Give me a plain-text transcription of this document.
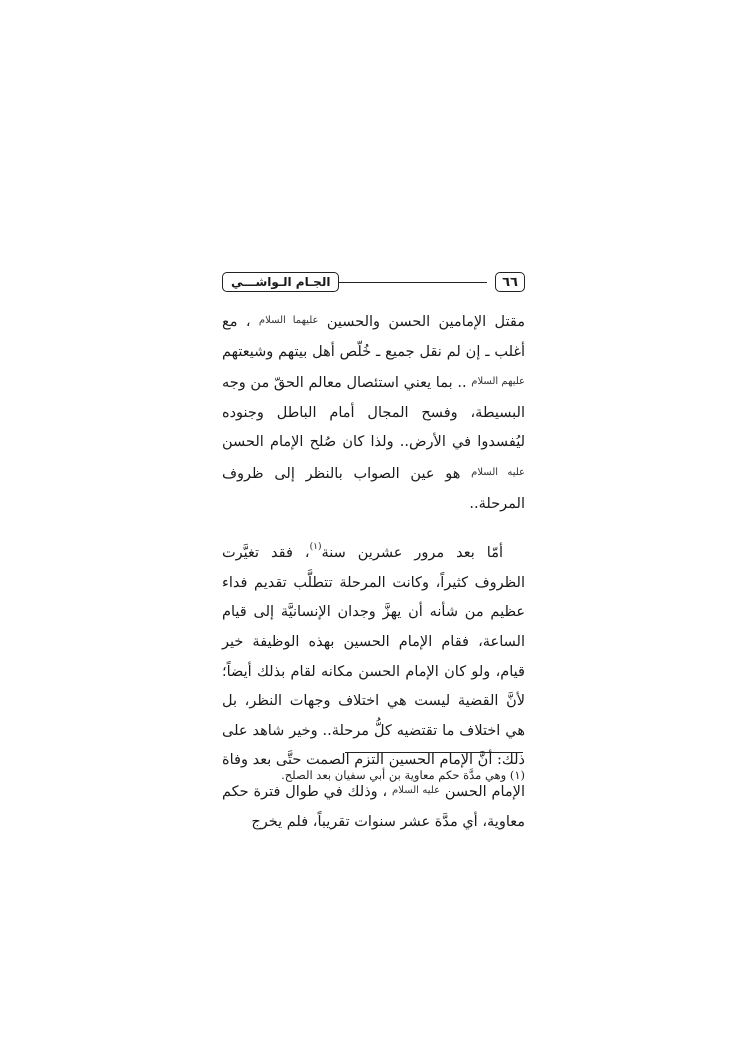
٦٦
الجـام الـواشـــي

مقتل الإمامين الحسن والحسين $^{عليهما السلام}$ ، مع أغلب ـ إن لم نقل جميع ـ خُلّص أهل بيتهم وشيعتهم $^{عليهم السلام}$ .. بما يعني استئصال معالم الحقّ من وجه البسيطة، وفسح المجال أمام الباطل وجنوده ليُفسدوا في الأرض.. ولذا كان صُلح الإمام الحسن $^{عليه السلام}$ هو عين الصواب بالنظر إلى ظروف المرحلة..

أمّا بعد مرور عشرين سنة$^{(١)}$، فقد تغيَّرت الظروف كثيراً، وكانت المرحلة تتطلَّب تقديم فداء عظيم من شأنه أن يهزَّ وجدان الإنسانيَّة إلى قيام الساعة، فقام الإمام الحسين بهذه الوظيفة خير قيام، ولو كان الإمام الحسن مكانه لقام بذلك أيضاً؛ لأنَّ القضية ليست هي اختلاف وجهات النظر، بل هي اختلاف ما تقتضيه كلُّ مرحلة.. وخير شاهد على ذلك: أنَّ الإمام الحسين التزم الصمت حتَّى بعد وفاة الإمام الحسن $^{عليه السلام}$ ، وذلك في طوال فترة حكم معاوية، أي مدَّة عشر سنوات تقريباً، فلم يخرج

(١) وهي مدَّة حكم معاوية بن أبي سفيان بعد الصلح.
